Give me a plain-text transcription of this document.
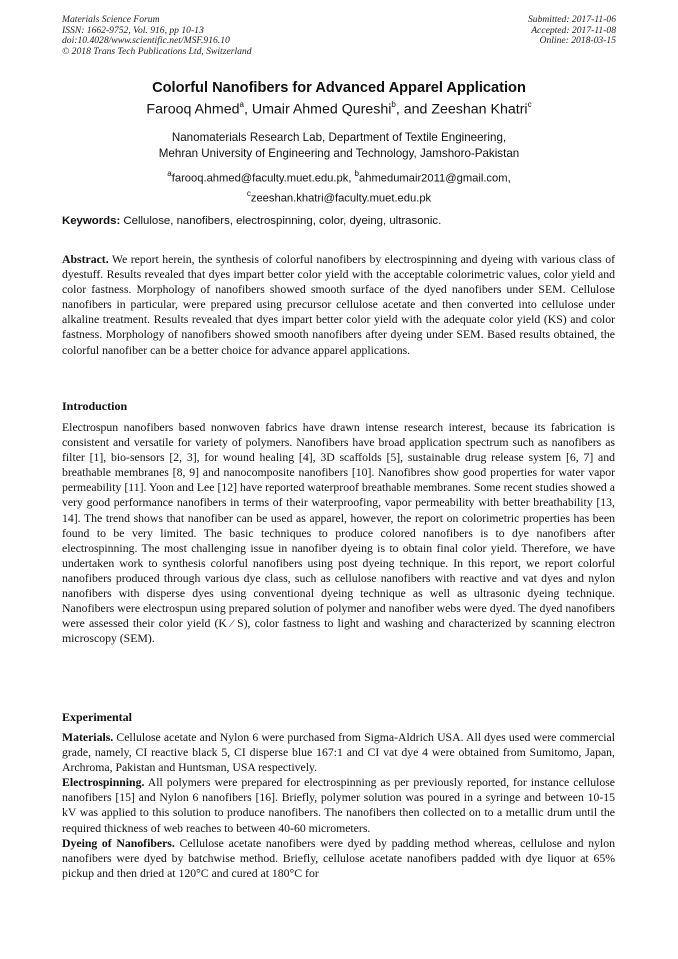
Materials Science Forum
ISSN: 1662-9752, Vol. 916, pp 10-13
doi:10.4028/www.scientific.net/MSF.916.10
© 2018 Trans Tech Publications Ltd, Switzerland
Submitted: 2017-11-06
Accepted: 2017-11-08
Online: 2018-03-15
Colorful Nanofibers for Advanced Apparel Application
Farooq Ahmed$^a$, Umair Ahmed Qureshi$^b$, and Zeeshan Khatri$^c$
Nanomaterials Research Lab, Department of Textile Engineering,
Mehran University of Engineering and Technology, Jamshoro-Pakistan
$^a$farooq.ahmed@faculty.muet.edu.pk, $^b$ahmedumair2011@gmail.com,
$^c$zeeshan.khatri@faculty.muet.edu.pk
Keywords: Cellulose, nanofibers, electrospinning, color, dyeing, ultrasonic.

Abstract. We report herein, the synthesis of colorful nanofibers by electrospinning and dyeing with various class of dyestuff. Results revealed that dyes impart better color yield with the acceptable colorimetric values, color yield and color fastness. Morphology of nanofibers showed smooth surface of the dyed nanofibers under SEM. Cellulose nanofibers in particular, were prepared using precursor cellulose acetate and then converted into cellulose under alkaline treatment. Results revealed that dyes impart better color yield with the adequate color yield (KS) and color fastness. Morphology of nanofibers showed smooth nanofibers after dyeing under SEM. Based results obtained, the colorful nanofiber can be a better choice for advance apparel applications.

Introduction

Electrospun nanofibers based nonwoven fabrics have drawn intense research interest, because its fabrication is consistent and versatile for variety of polymers. Nanofibers have broad application spectrum such as nanofibers as filter [1], bio-sensors [2, 3], for wound healing [4], 3D scaffolds [5], sustainable drug release system [6, 7] and breathable membranes [8, 9] and nanocomposite nanofibers [10]. Nanofibres show good properties for water vapor permeability [11]. Yoon and Lee [12] have reported waterproof breathable membranes. Some recent studies showed a very good performance nanofibers in terms of their waterproofing, vapor permeability with better breathability [13, 14]. The trend shows that nanofiber can be used as apparel, however, the report on colorimetric properties has been found to be very limited. The basic techniques to produce colored nanofibers is to dye nanofibers after electrospinning. The most challenging issue in nanofiber dyeing is to obtain final color yield. Therefore, we have undertaken work to synthesis colorful nanofibers using post dyeing technique. In this report, we report colorful nanofibers produced through various dye class, such as cellulose nanofibers with reactive and vat dyes and nylon nanofibers with disperse dyes using conventional dyeing technique as well as ultrasonic dyeing technique. Nanofibers were electrospun using prepared solution of polymer and nanofiber webs were dyed. The dyed nanofibers were assessed their color yield (K ⁄ S), color fastness to light and washing and characterized by scanning electron microscopy (SEM).

Experimental

Materials. Cellulose acetate and Nylon 6 were purchased from Sigma-Aldrich USA. All dyes used were commercial grade, namely, CI reactive black 5, CI disperse blue 167:1 and CI vat dye 4 were obtained from Sumitomo, Japan, Archroma, Pakistan and Huntsman, USA respectively.

Electrospinning. All polymers were prepared for electrospinning as per previously reported, for instance cellulose nanofibers [15] and Nylon 6 nanofibers [16]. Briefly, polymer solution was poured in a syringe and between 10-15 kV was applied to this solution to produce nanofibers. The nanofibers then collected on to a metallic drum until the required thickness of web reaches to between 40-60 micrometers.

Dyeing of Nanofibers. Cellulose acetate nanofibers were dyed by padding method whereas, cellulose and nylon nanofibers were dyed by batchwise method. Briefly, cellulose acetate nanofibers padded with dye liquor at 65% pickup and then dried at 120°C and cured at 180°C for
